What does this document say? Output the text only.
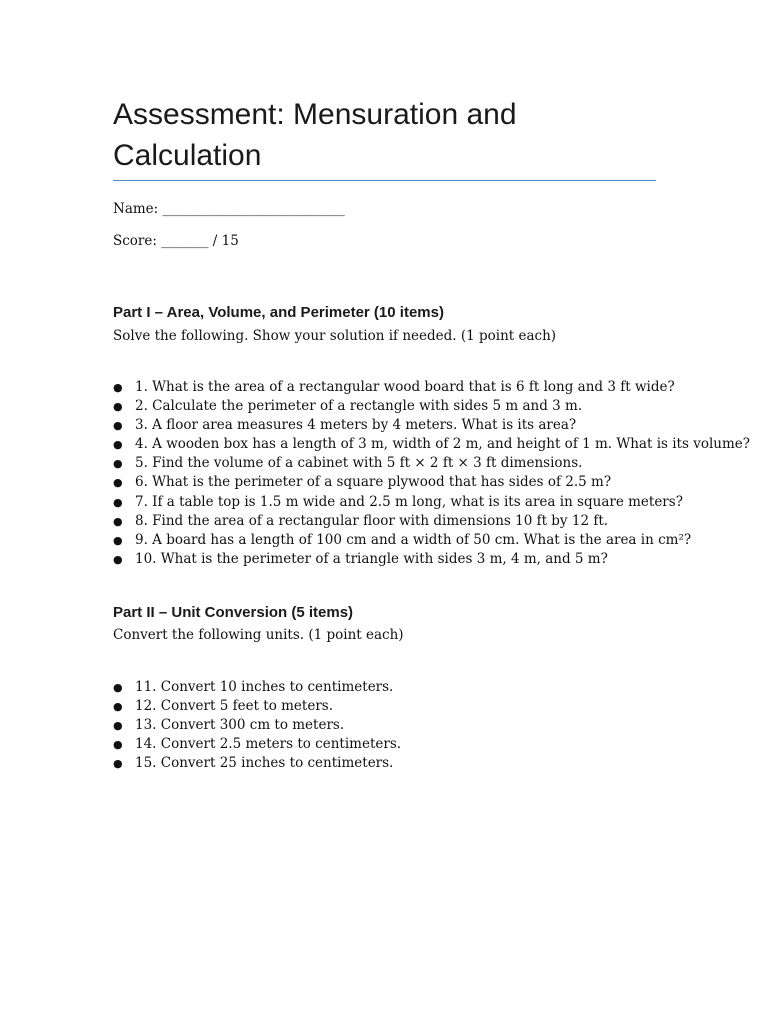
Assessment: Mensuration and Calculation
Name: ___________________________
Score: _______ / 15
Part I – Area, Volume, and Perimeter (10 items)
Solve the following. Show your solution if needed. (1 point each)
● 1. What is the area of a rectangular wood board that is 6 ft long and 3 ft wide?
● 2. Calculate the perimeter of a rectangle with sides 5 m and 3 m.
● 3. A floor area measures 4 meters by 4 meters. What is its area?
● 4. A wooden box has a length of 3 m, width of 2 m, and height of 1 m. What is its volume?
● 5. Find the volume of a cabinet with 5 ft × 2 ft × 3 ft dimensions.
● 6. What is the perimeter of a square plywood that has sides of 2.5 m?
● 7. If a table top is 1.5 m wide and 2.5 m long, what is its area in square meters?
● 8. Find the area of a rectangular floor with dimensions 10 ft by 12 ft.
● 9. A board has a length of 100 cm and a width of 50 cm. What is the area in cm²?
● 10. What is the perimeter of a triangle with sides 3 m, 4 m, and 5 m?
Part II – Unit Conversion (5 items)
Convert the following units. (1 point each)
● 11. Convert 10 inches to centimeters.
● 12. Convert 5 feet to meters.
● 13. Convert 300 cm to meters.
● 14. Convert 2.5 meters to centimeters.
● 15. Convert 25 inches to centimeters.
